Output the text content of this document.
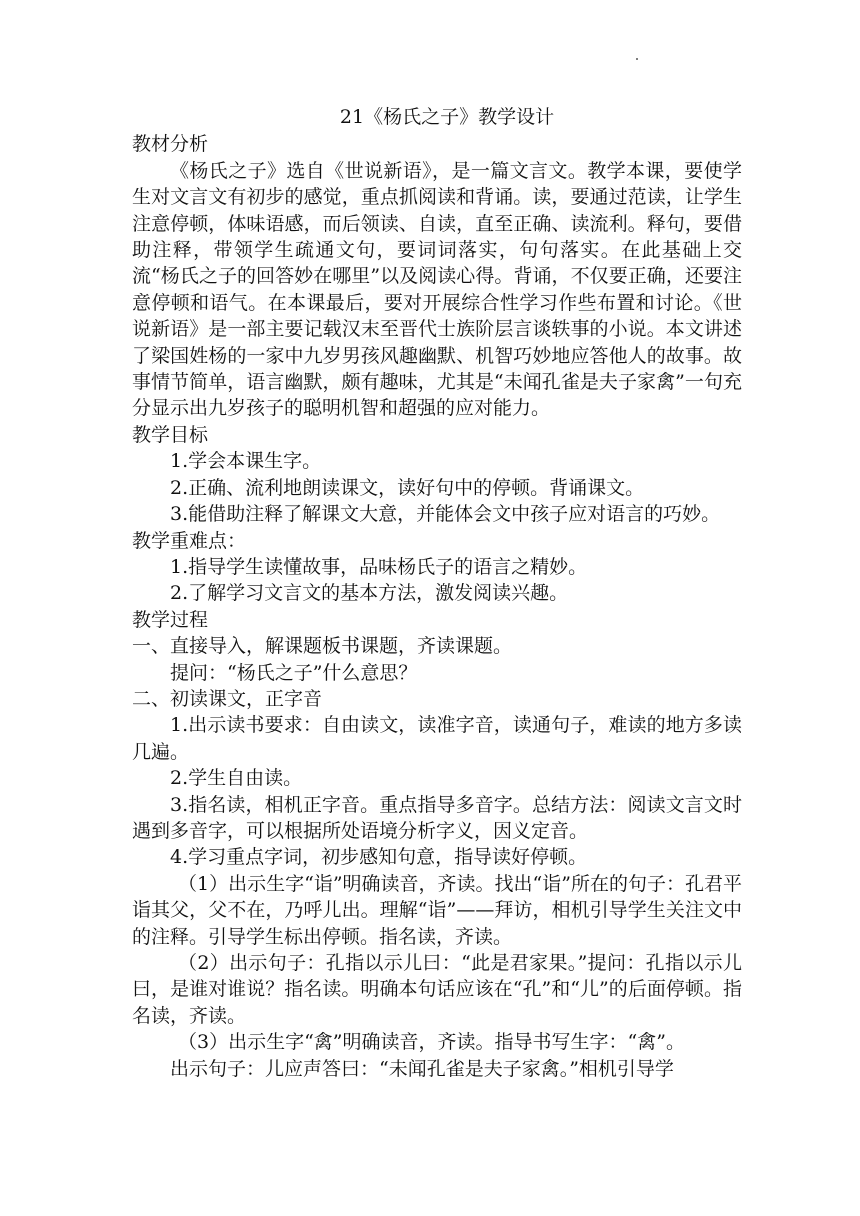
21《杨氏之子》教学设计

教材分析

《杨氏之子》选自《世说新语》，是一篇文言文。教学本课，要使学生对文言文有初步的感觉，重点抓阅读和背诵。读，要通过范读，让学生注意停顿，体味语感，而后领读、自读，直至正确、读流利。释句，要借助注释，带领学生疏通文句，要词词落实，句句落实。在此基础上交流“杨氏之子的回答妙在哪里”以及阅读心得。背诵，不仅要正确，还要注意停顿和语气。在本课最后，要对开展综合性学习作些布置和讨论。《世说新语》是一部主要记载汉末至晋代士族阶层言谈轶事的小说。本文讲述了梁国姓杨的一家中九岁男孩风趣幽默、机智巧妙地应答他人的故事。故事情节简单，语言幽默，颇有趣味，尤其是“未闻孔雀是夫子家禽”一句充分显示出九岁孩子的聪明机智和超强的应对能力。

教学目标

1.学会本课生字。

2.正确、流利地朗读课文，读好句中的停顿。背诵课文。

3.能借助注释了解课文大意，并能体会文中孩子应对语言的巧妙。

教学重难点：

1.指导学生读懂故事，品味杨氏子的语言之精妙。

2.了解学习文言文的基本方法，激发阅读兴趣。

教学过程

一、直接导入，解课题板书课题，齐读课题。

提问：“杨氏之子”什么意思？

二、初读课文，正字音

1.出示读书要求：自由读文，读准字音，读通句子，难读的地方多读几遍。

2.学生自由读。

3.指名读，相机正字音。重点指导多音字。总结方法：阅读文言文时遇到多音字，可以根据所处语境分析字义，因义定音。

4.学习重点字词，初步感知句意，指导读好停顿。

（1）出示生字“诣”明确读音，齐读。找出“诣”所在的句子：孔君平诣其父，父不在，乃呼儿出。理解“诣”——拜访，相机引导学生关注文中的注释。引导学生标出停顿。指名读，齐读。

（2）出示句子：孔指以示儿曰：“此是君家果。”提问：孔指以示儿曰，是谁对谁说？指名读。明确本句话应该在“孔”和“儿”的后面停顿。指名读，齐读。

（3）出示生字“禽”明确读音，齐读。指导书写生字：“禽”。

出示句子：儿应声答曰：“未闻孔雀是夫子家禽。”相机引导学
